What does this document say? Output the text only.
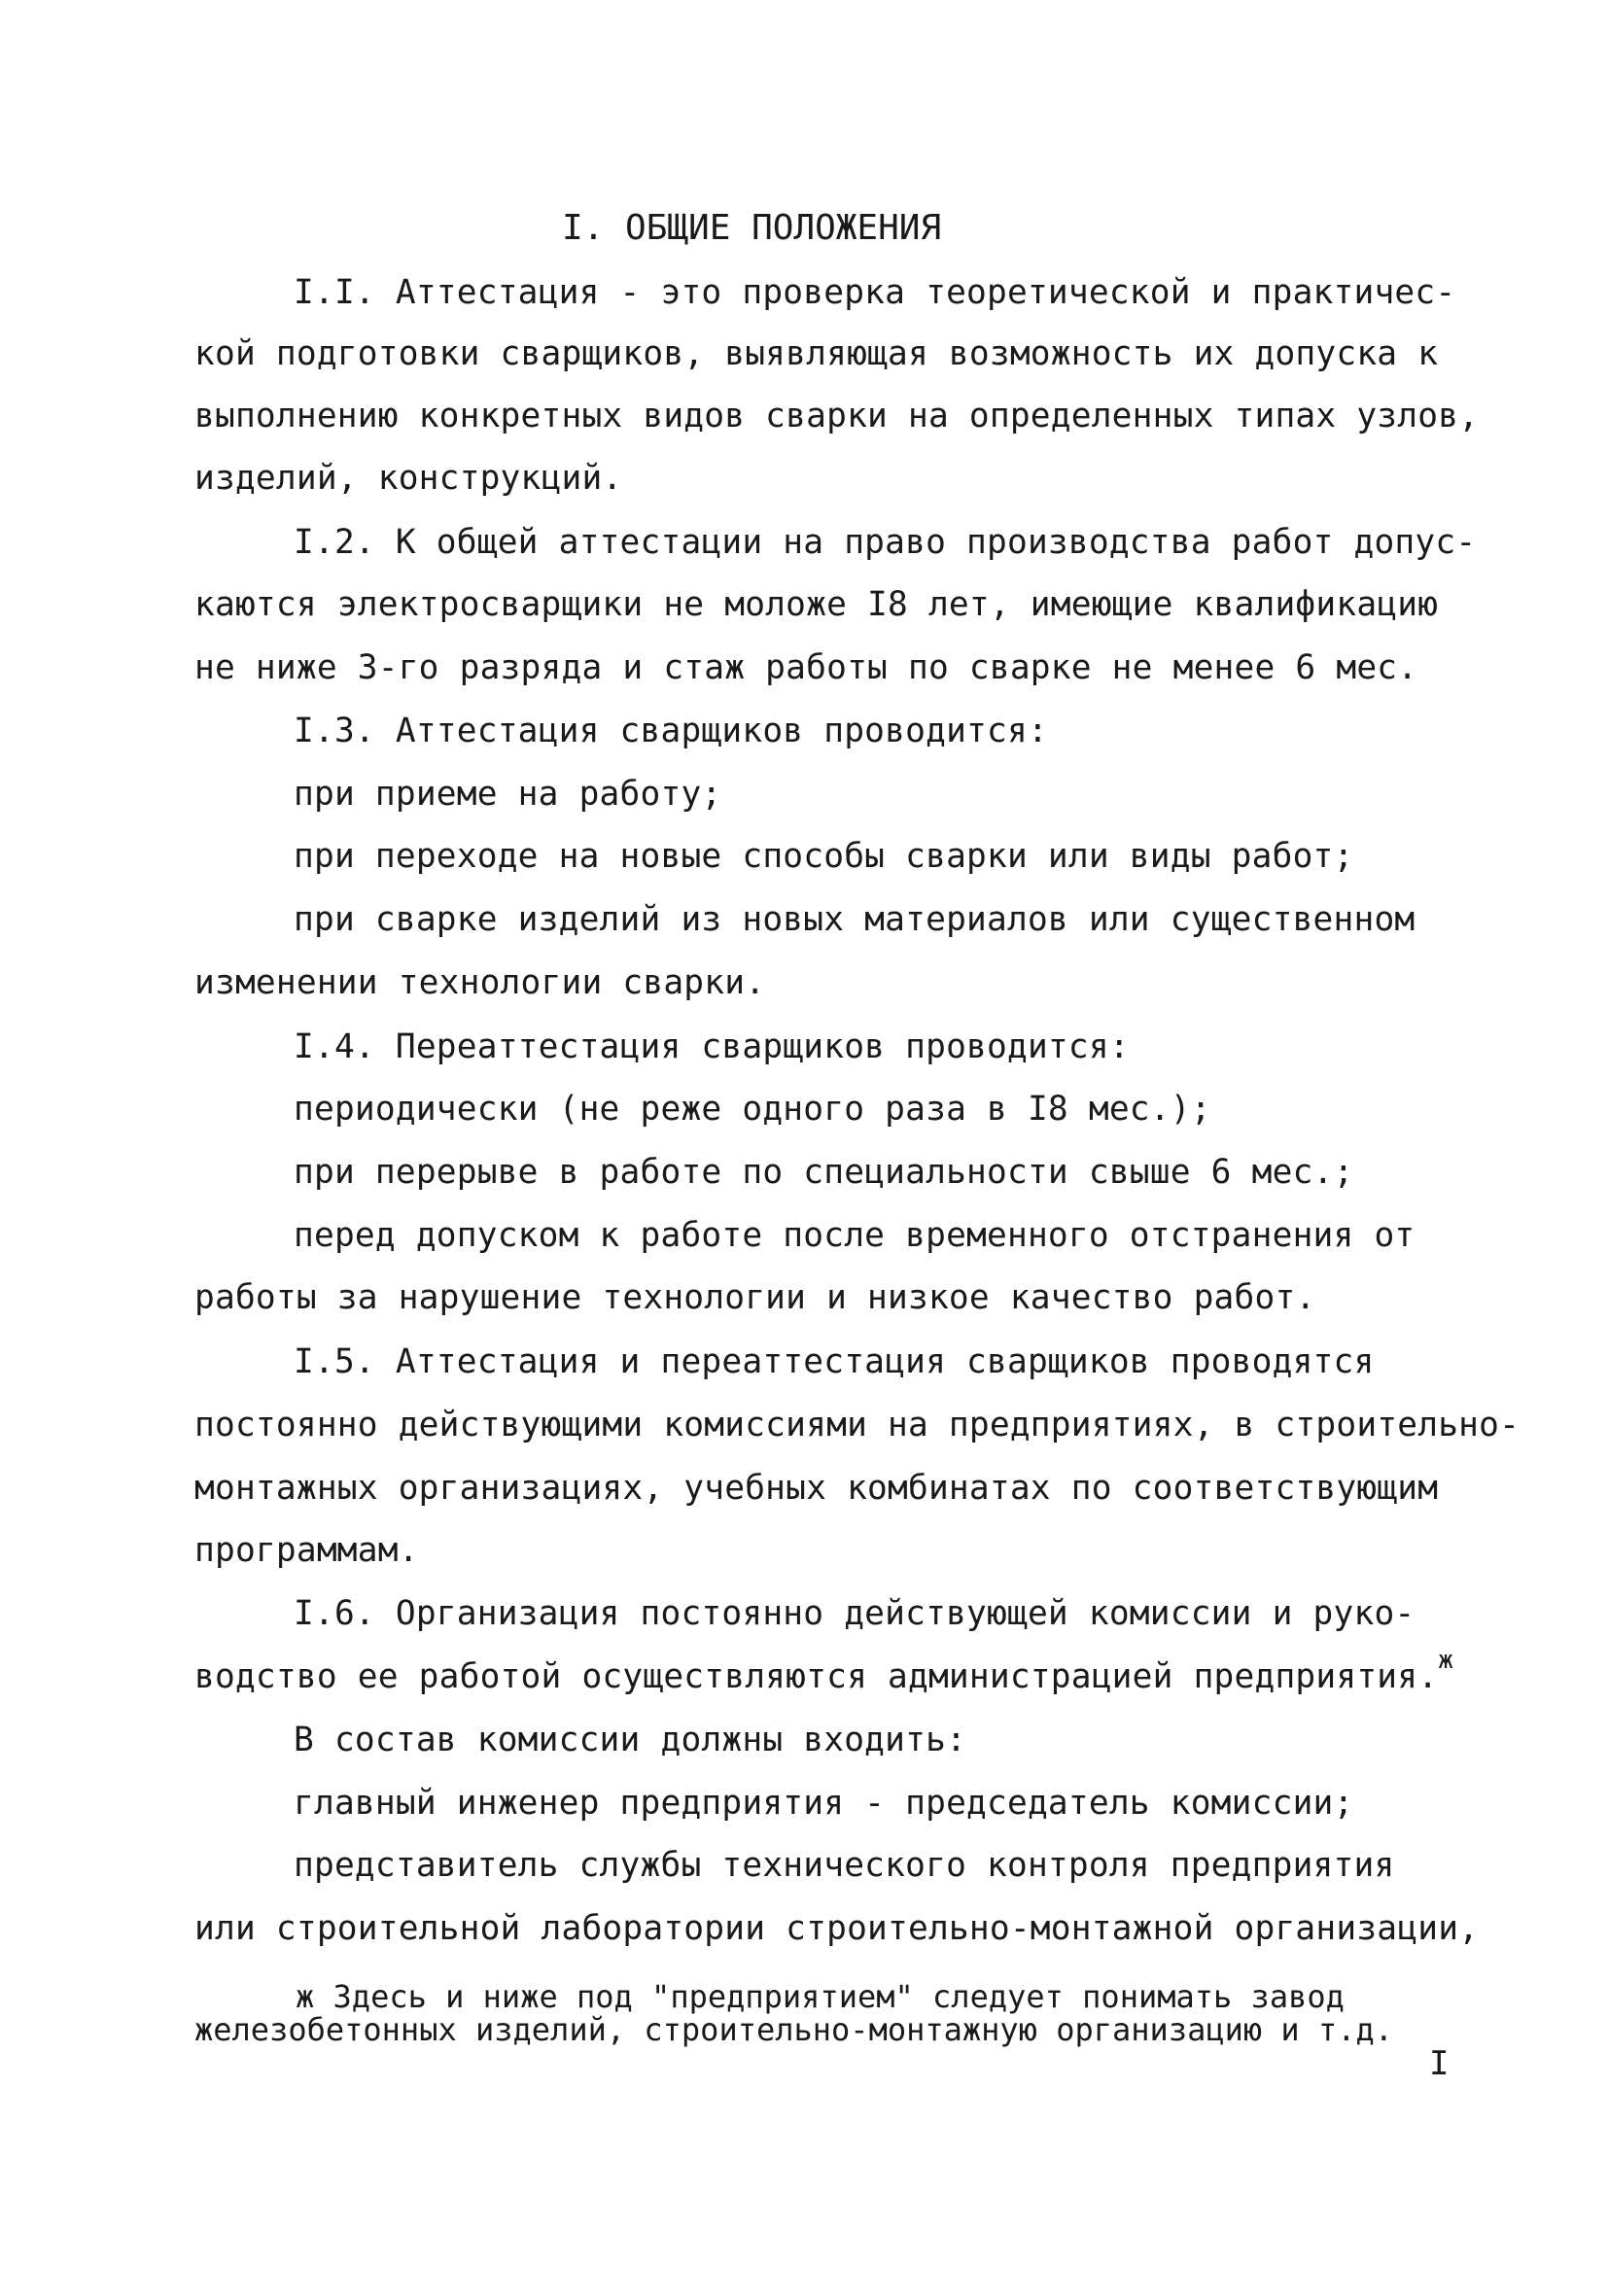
I. ОБЩИЕ ПОЛОЖЕНИЯ
I.I. Аттестация - это проверка теоретической и практичес-
кой подготовки сварщиков, выявляющая возможность их допуска к
выполнению конкретных видов сварки на определенных типах узлов,
изделий, конструкций.
I.2. К общей аттестации на право производства работ допус-
каются электросварщики не моложе I8 лет, имеющие квалификацию
не ниже 3-го разряда и стаж работы по сварке не менее 6 мес.
I.3. Аттестация сварщиков проводится:
при приеме на работу;
при переходе на новые способы сварки или виды работ;
при сварке изделий из новых материалов или существенном
изменении технологии сварки.
I.4. Переаттестация сварщиков проводится:
периодически (не реже одного раза в I8 мес.);
при перерыве в работе по специальности свыше 6 мес.;
перед допуском к работе после временного отстранения от
работы за нарушение технологии и низкое качество работ.
I.5. Аттестация и переаттестация сварщиков проводятся
постоянно действующими комиссиями на предприятиях, в строительно-
монтажных организациях, учебных комбинатах по соответствующим
программам.
I.6. Организация постоянно действующей комиссии и руко-
водство ее работой осуществляются администрацией предприятия.$^ж$
В состав комиссии должны входить:
главный инженер предприятия - председатель комиссии;
представитель службы технического контроля предприятия
или строительной лаборатории строительно-монтажной организации,
ж Здесь и ниже под "предприятием" следует понимать завод
железобетонных изделий, строительно-монтажную организацию и т.д.
I
